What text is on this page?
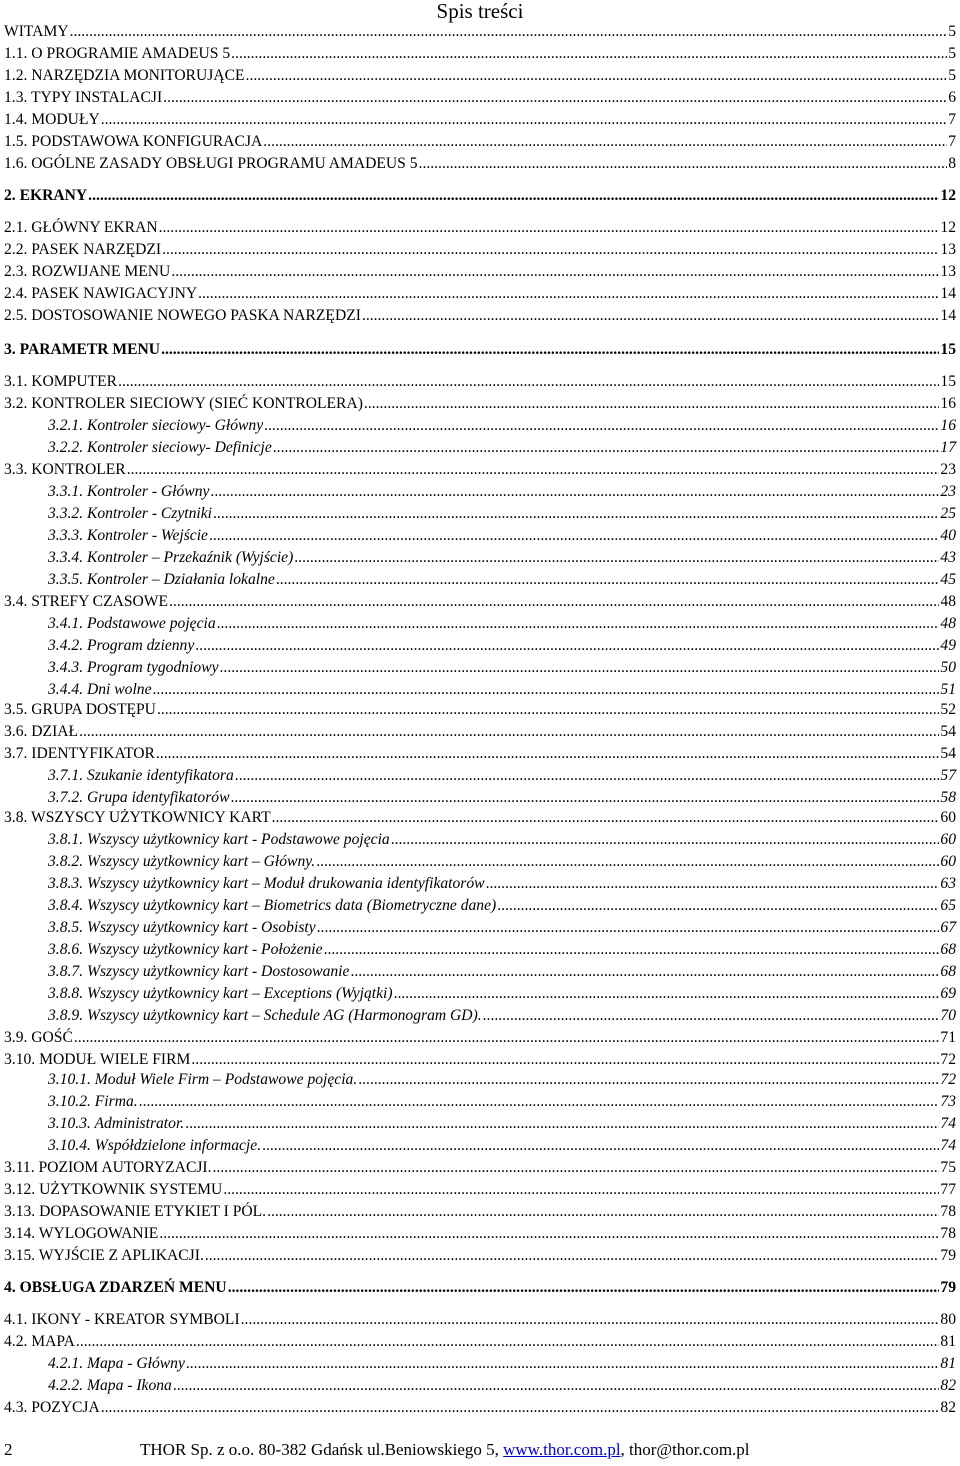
Spis treści
WITAMY .....	5
1.1. O PROGRAMIE AMADEUS 5 .....	5
1.2. NARZĘDZIA MONITORUJĄCE .....	5
1.3. TYPY INSTALACJI .....	6
1.4. MODUŁY .....	7
1.5. PODSTAWOWA KONFIGURACJA .....	7
1.6. OGÓLNE ZASADY OBSŁUGI PROGRAMU AMADEUS 5 .....	8
2. EKRANY .....	12
2.1. GŁÓWNY EKRAN .....	12
2.2. PASEK NARZĘDZI .....	13
2.3. ROZWIJANE MENU .....	13
2.4. PASEK NAWIGACYJNY .....	14
2.5. DOSTOSOWANIE NOWEGO PASKA NARZĘDZI .....	14
3. PARAMETR MENU .....	15
3.1. KOMPUTER .....	15
3.2. KONTROLER SIECIOWY (SIEĆ KONTROLERA) .....	16
3.2.1. Kontroler sieciowy- Główny .....	16
3.2.2. Kontroler sieciowy- Definicje .....	17
3.3. KONTROLER .....	23
3.3.1. Kontroler - Główny .....	23
3.3.2. Kontroler - Czytniki .....	25
3.3.3. Kontroler - Wejście .....	40
3.3.4. Kontroler – Przekaźnik (Wyjście) .....	43
3.3.5. Kontroler – Działania lokalne .....	45
3.4. STREFY CZASOWE .....	48
3.4.1. Podstawowe pojęcia .....	48
3.4.2. Program dzienny .....	49
3.4.3. Program tygodniowy .....	50
3.4.4. Dni wolne .....	51
3.5. GRUPA DOSTĘPU .....	52
3.6. DZIAŁ .....	54
3.7. IDENTYFIKATOR .....	54
3.7.1. Szukanie identyfikatora .....	57
3.7.2. Grupa identyfikatorów .....	58
3.8. WSZYSCY UŻYTKOWNICY KART .....	60
3.8.1. Wszyscy użytkownicy kart - Podstawowe pojęcia .....	60
3.8.2. Wszyscy użytkownicy kart – Główny. .....	60
3.8.3. Wszyscy użytkownicy kart – Moduł drukowania identyfikatorów .....	63
3.8.4. Wszyscy użytkownicy kart – Biometrics data (Biometryczne dane) .....	65
3.8.5. Wszyscy użytkownicy kart - Osobisty .....	67
3.8.6. Wszyscy użytkownicy kart - Położenie .....	68
3.8.7. Wszyscy użytkownicy kart - Dostosowanie .....	68
3.8.8. Wszyscy użytkownicy kart – Exceptions (Wyjątki) .....	69
3.8.9. Wszyscy użytkownicy kart – Schedule AG (Harmonogram GD). .....	70
3.9. GOŚĆ .....	71
3.10. MODUŁ WIELE FIRM .....	72
3.10.1. Moduł Wiele Firm – Podstawowe pojęcia. .....	72
3.10.2. Firma. .....	73
3.10.3. Administrator. .....	74
3.10.4. Współdzielone informacje. .....	74
3.11. POZIOM AUTORYZACJI. .....	75
3.12. UŻYTKOWNIK SYSTEMU .....	77
3.13. DOPASOWANIE ETYKIET I PÓL. .....	78
3.14. WYLOGOWANIE .....	78
3.15. WYJŚCIE Z APLIKACJI. .....	79
4. OBSŁUGA ZDARZEŃ MENU .....	79
4.1. IKONY - KREATOR SYMBOLI .....	80
4.2. MAPA .....	81
4.2.1. Mapa - Główny .....	81
4.2.2. Mapa - Ikona .....	82
4.3. POZYCJA .....	82
2	THOR Sp. z o.o. 80-382 Gdańsk ul.Beniowskiego 5, www.thor.com.pl, thor@thor.com.pl
